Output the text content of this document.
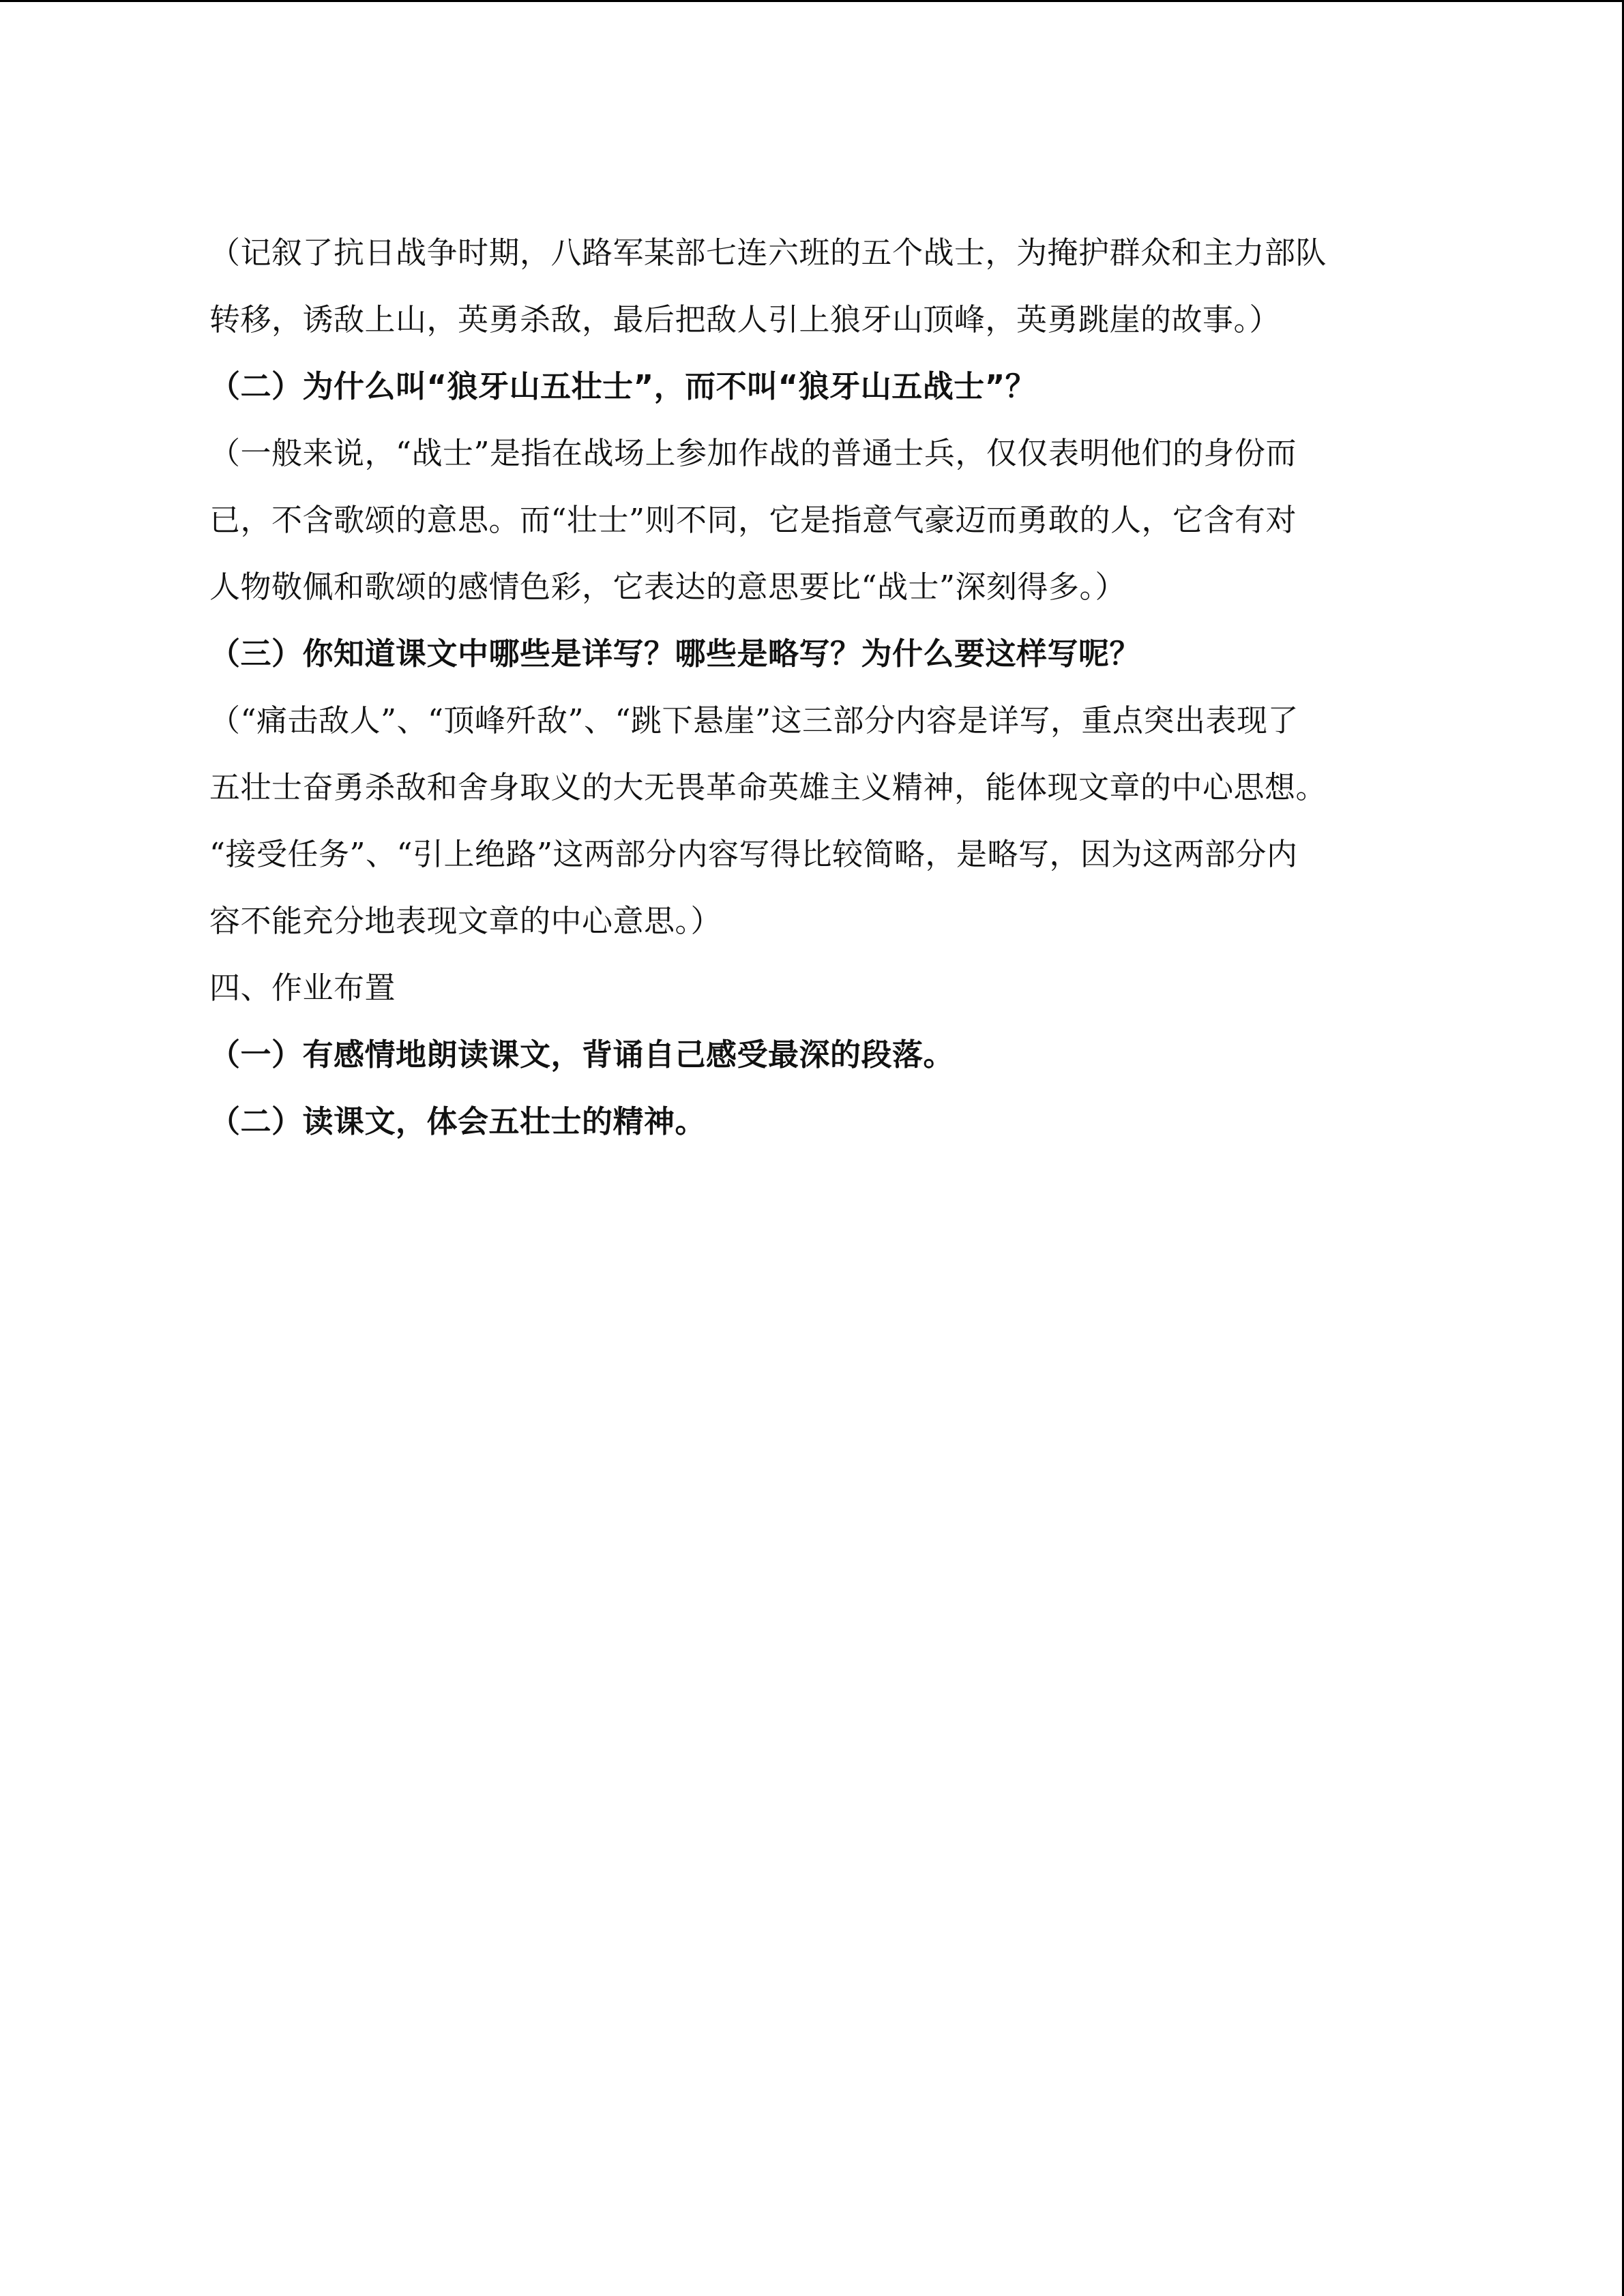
（记叙了抗日战争时期，八路军某部七连六班的五个战士，为掩护群众和主力部队
转移，诱敌上山，英勇杀敌，最后把敌人引上狼牙山顶峰，英勇跳崖的故事。）
（二）为什么叫“狼牙山五壮士”，而不叫“狼牙山五战士”？
（一般来说，“战士”是指在战场上参加作战的普通士兵，仅仅表明他们的身份而
已，不含歌颂的意思。而“壮士”则不同，它是指意气豪迈而勇敢的人，它含有对
人物敬佩和歌颂的感情色彩，它表达的意思要比“战士”深刻得多。）
（三）你知道课文中哪些是详写？哪些是略写？为什么要这样写呢？
（“痛击敌人”、“顶峰歼敌”、“跳下悬崖”这三部分内容是详写，重点突出表现了
五壮士奋勇杀敌和舍身取义的大无畏革命英雄主义精神，能体现文章的中心思想。
“接受任务”、“引上绝路”这两部分内容写得比较简略，是略写，因为这两部分内
容不能充分地表现文章的中心意思。）
四、作业布置
（一）有感情地朗读课文，背诵自己感受最深的段落。
（二）读课文，体会五壮士的精神。
